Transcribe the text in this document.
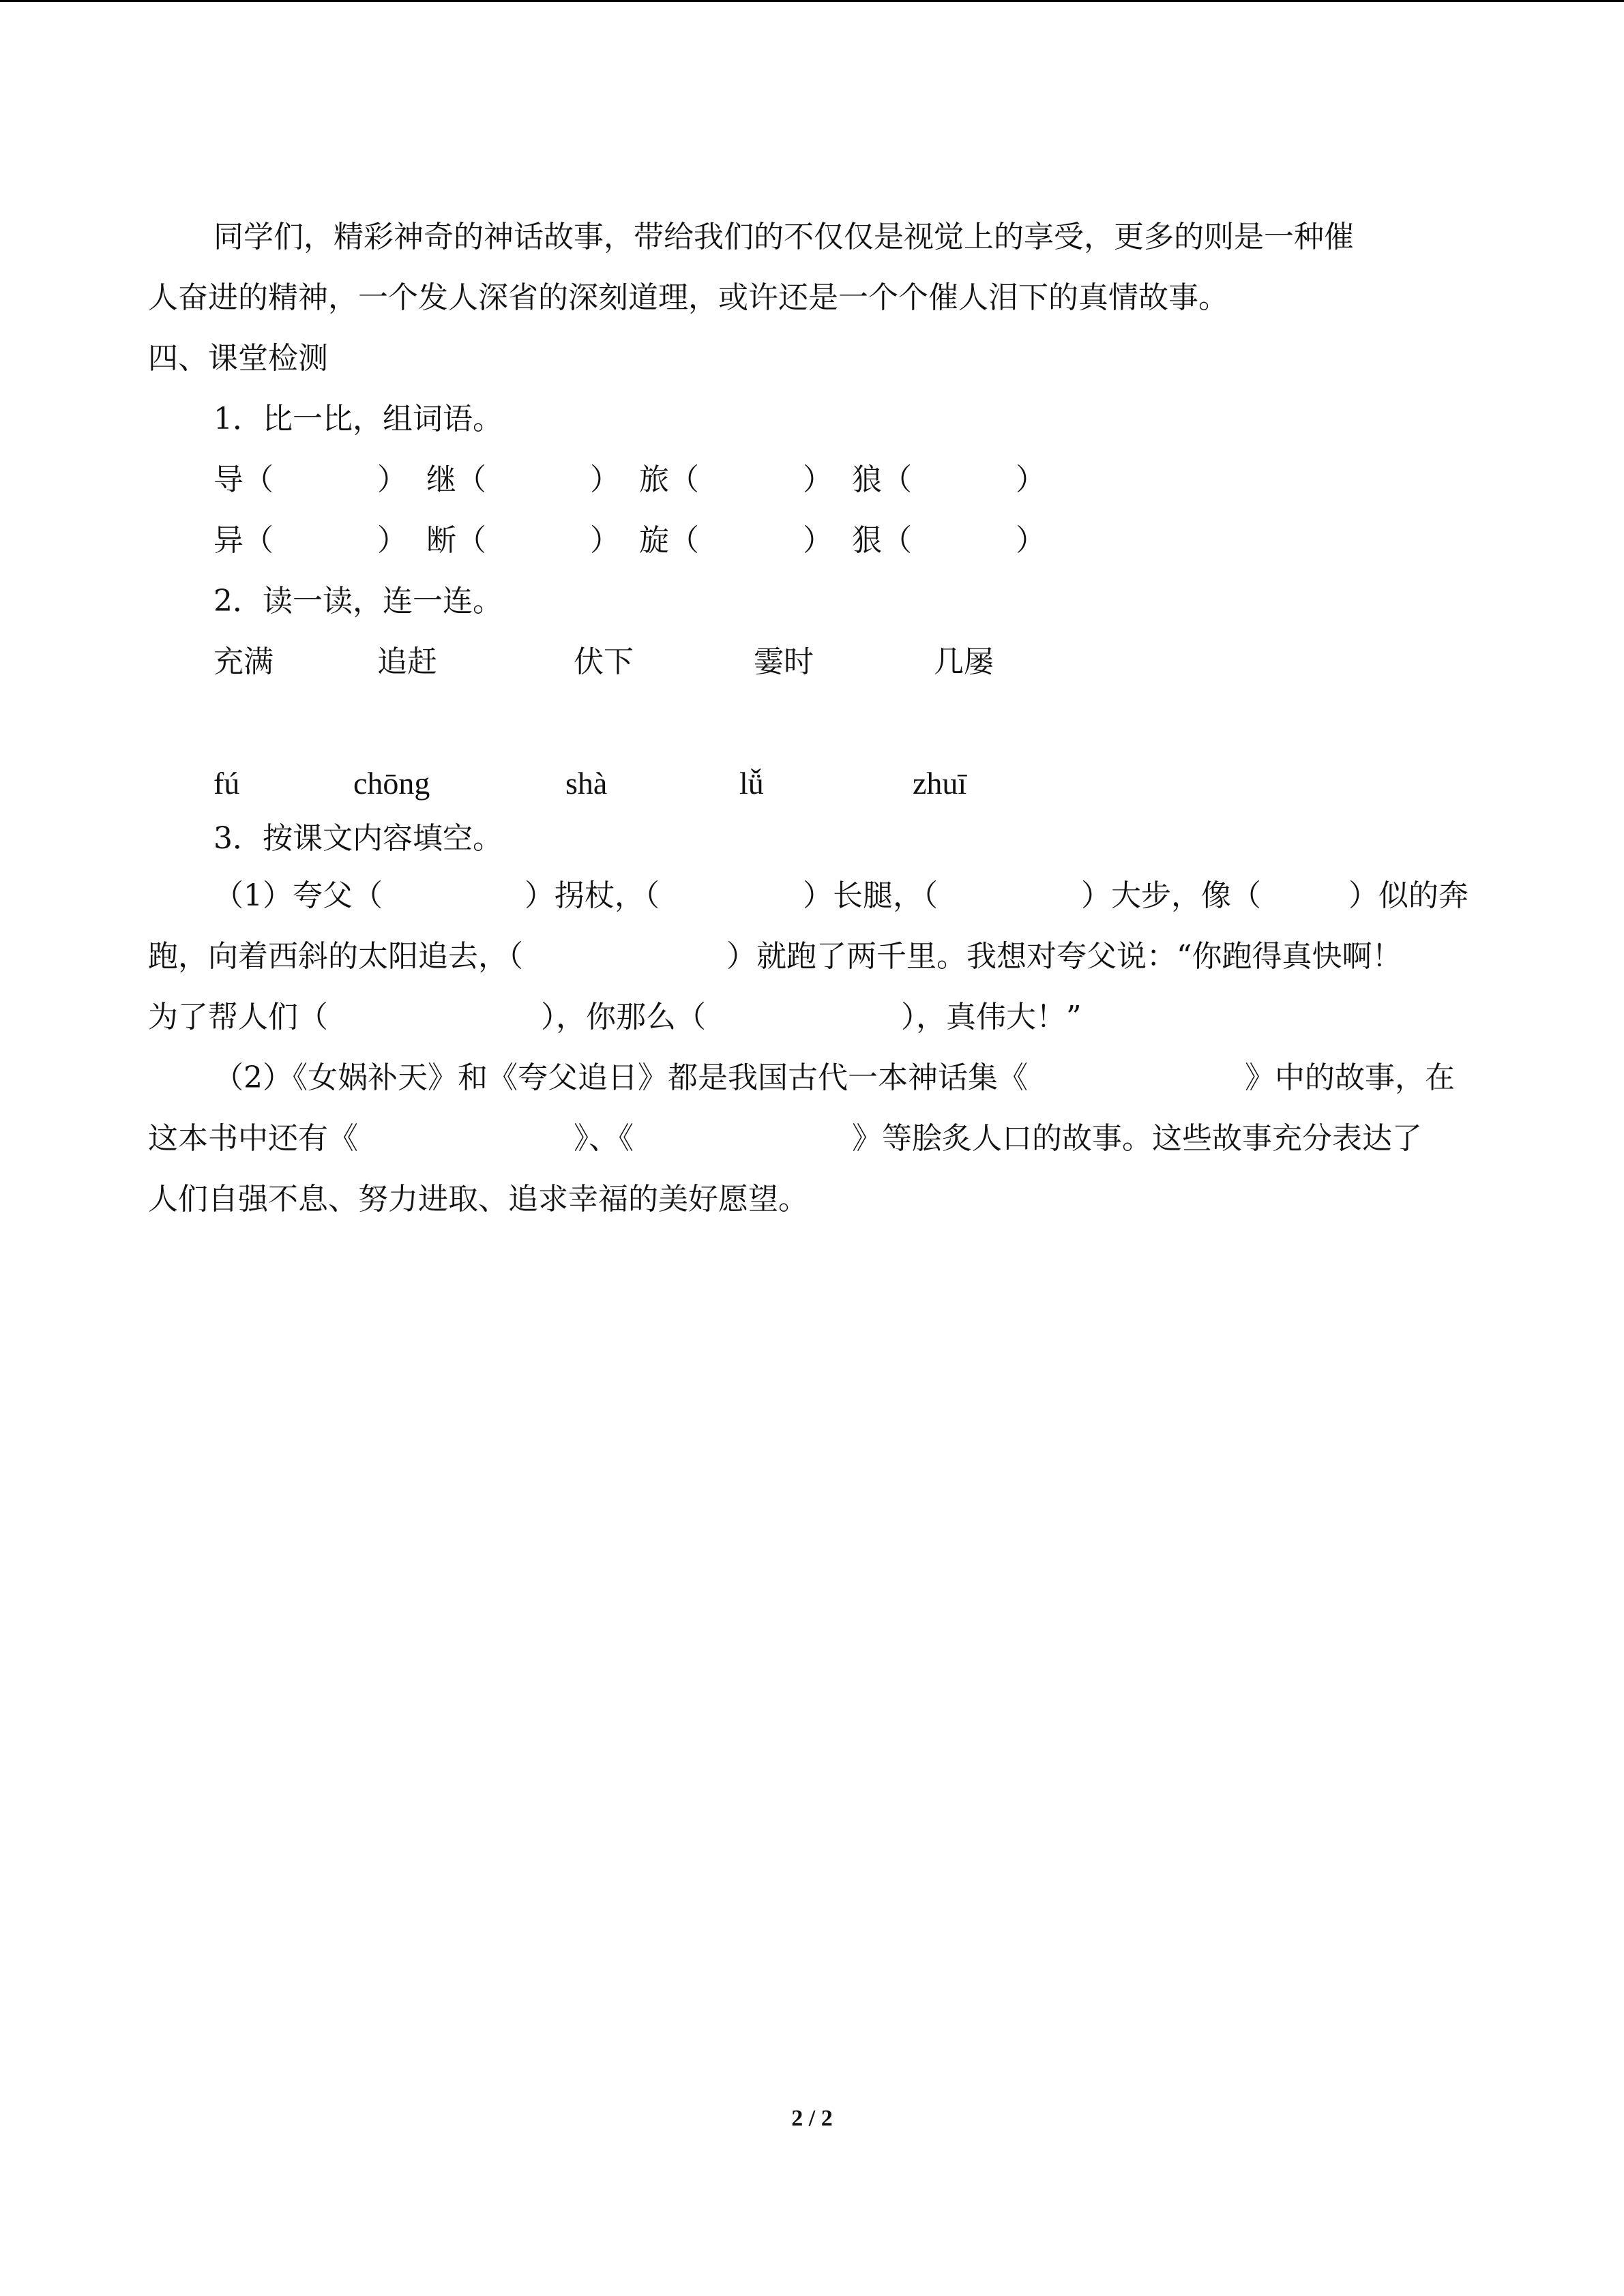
同学们，精彩神奇的神话故事，带给我们的不仅仅是视觉上的享受，更多的则是一种催
人奋进的精神，一个发人深省的深刻道理，或许还是一个个催人泪下的真情故事。
四、课堂检测
1．比一比，组词语。
导（	） 继（	） 旅（	） 狼（	）
异（	） 断（	） 旋（	） 狠（	）
2．读一读，连一连。
充满	追赶	伏下	霎时	几屡
fú	chōng	shà	lǚ	zhuī
3．按课文内容填空。
（1）夸父（	）拐杖，（	）长腿，（	）大步，像（	）似的奔
跑，向着西斜的太阳追去，（	）就跑了两千里。我想对夸父说：“你跑得真快啊！
为了帮人们（	），你那么（	），真伟大！”
（2）《女娲补天》和《夸父追日》都是我国古代一本神话集《	》中的故事，在
这本书中还有《	》、《	》等脍炙人口的故事。这些故事充分表达了
人们自强不息、努力进取、追求幸福的美好愿望。
2 / 2
